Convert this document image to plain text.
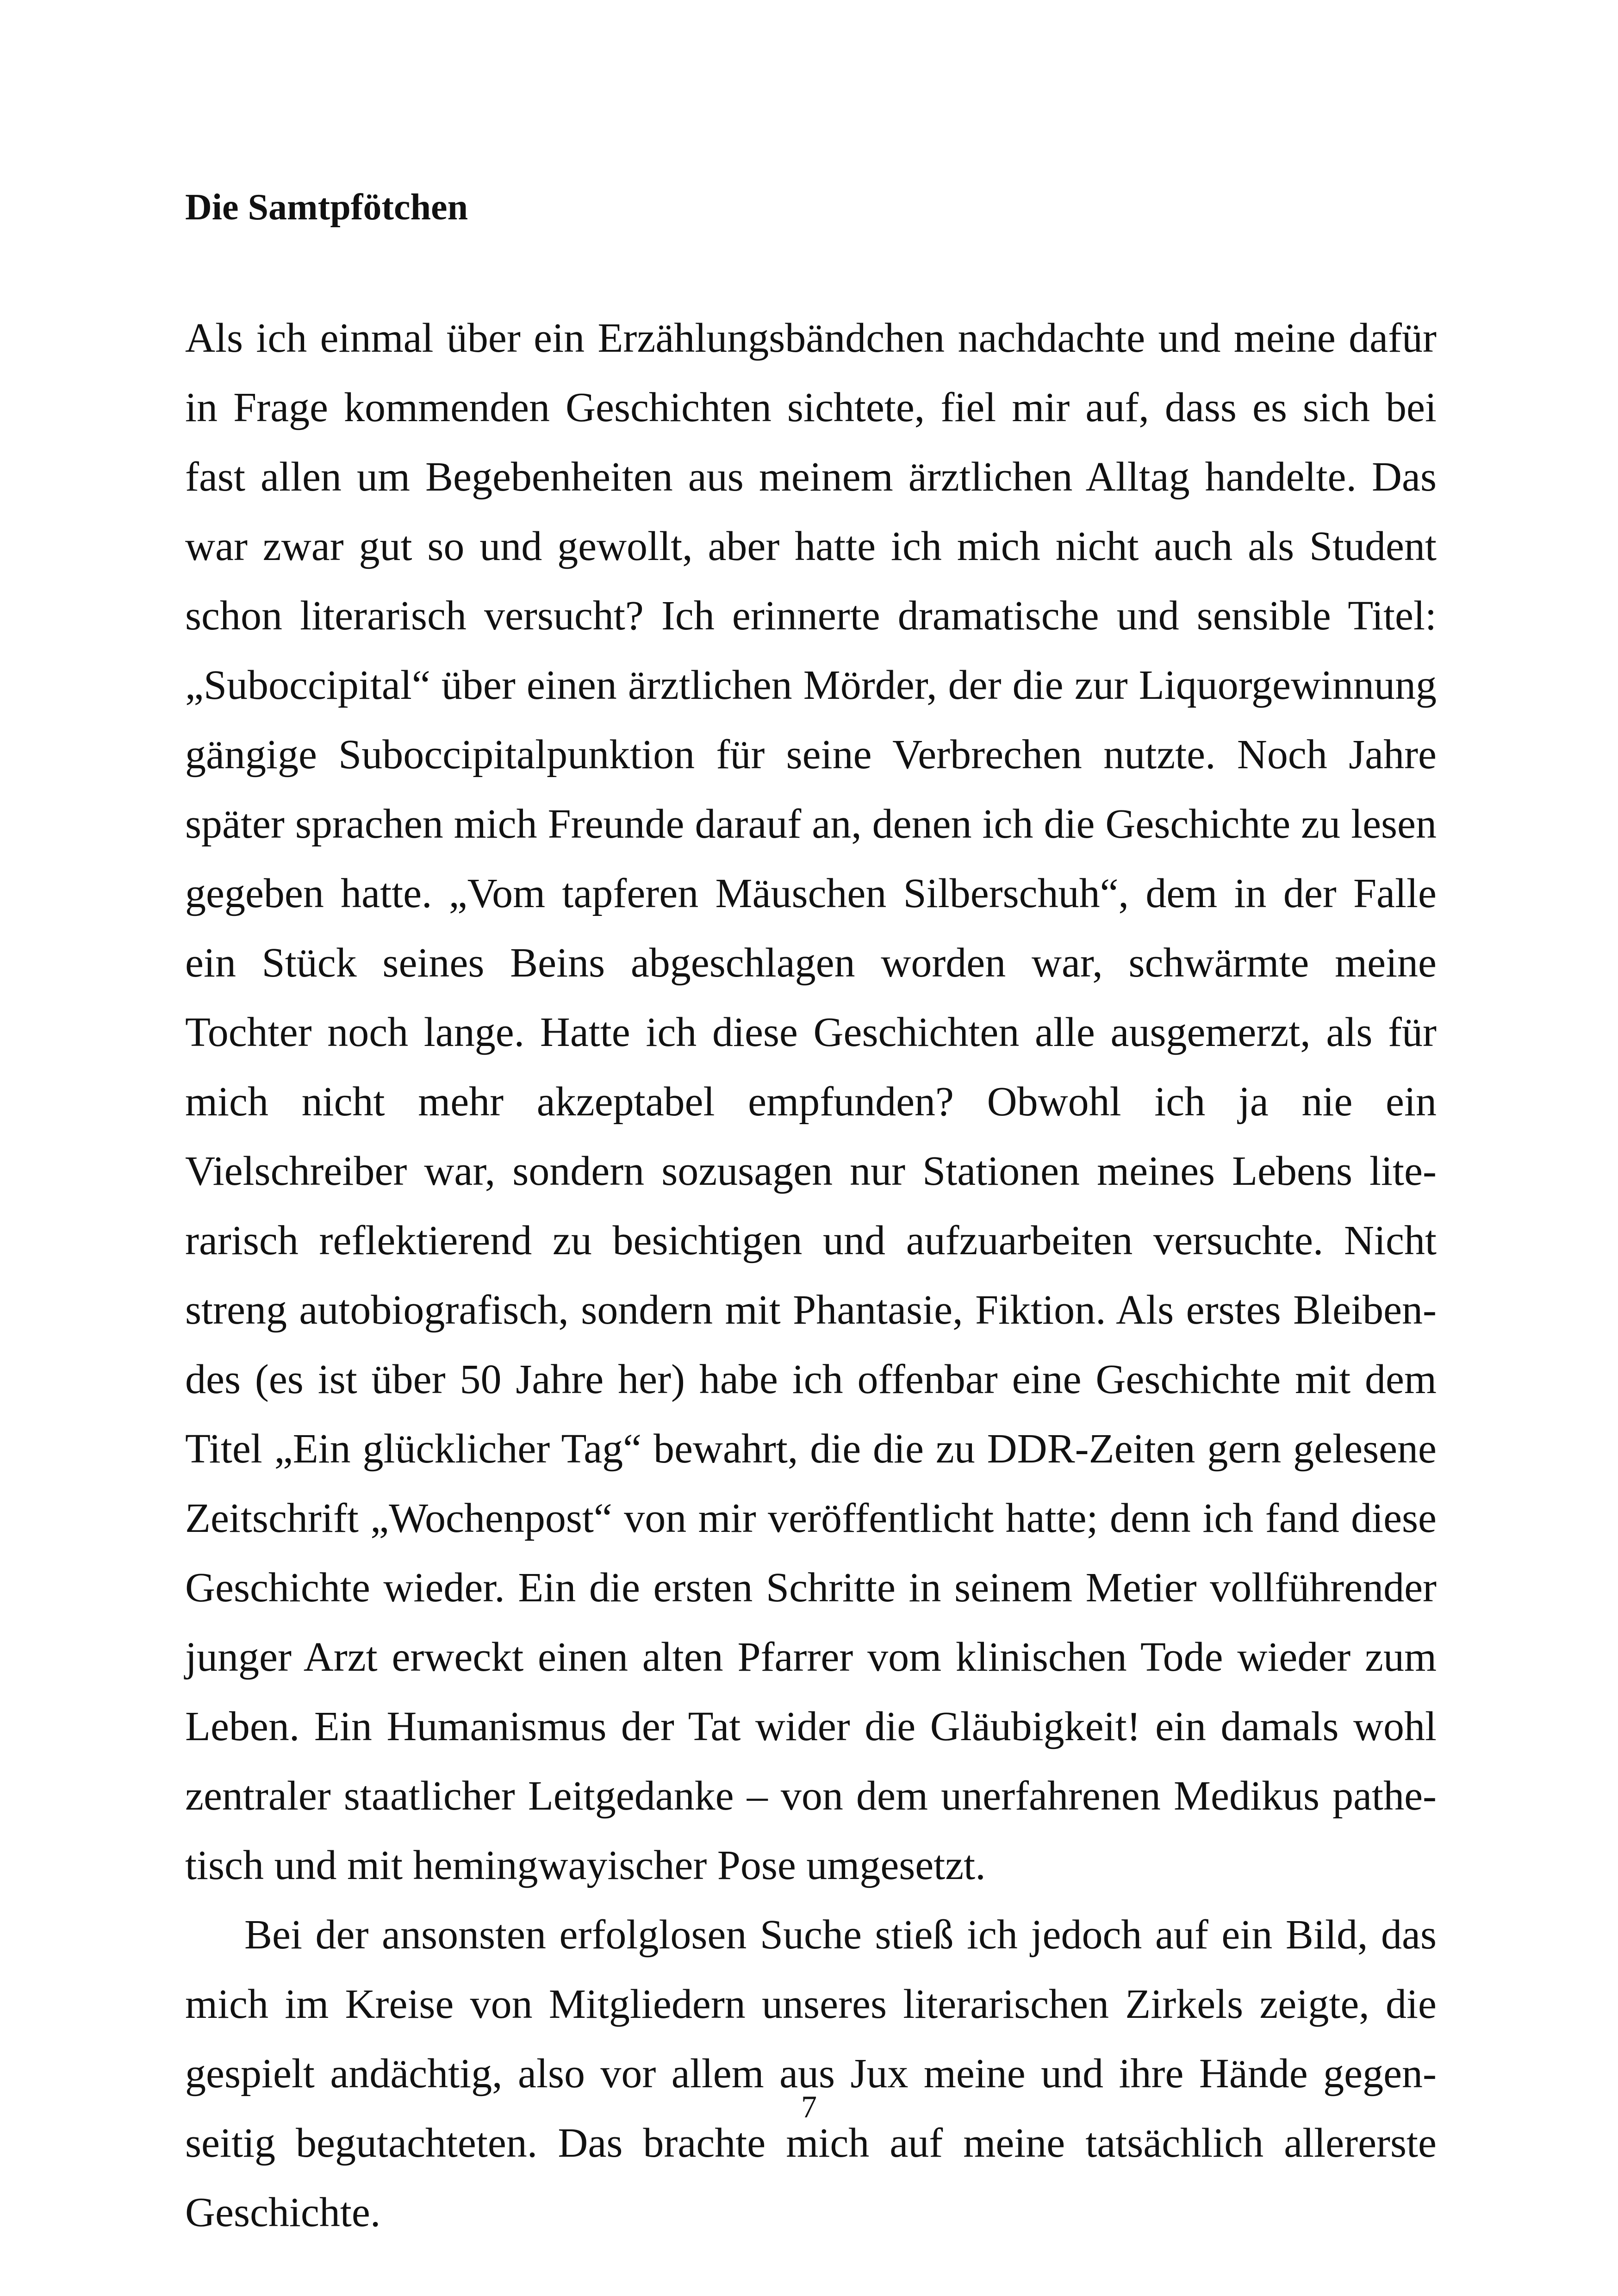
Die Samtpfötchen

Als ich einmal über ein Erzählungsbändchen nachdachte und meine dafür in Frage kommenden Geschichten sichtete, fiel mir auf, dass es sich bei fast allen um Begebenheiten aus meinem ärztlichen Alltag handelte. Das war zwar gut so und gewollt, aber hatte ich mich nicht auch als Student schon literarisch versucht? Ich erinnerte dramatische und sensible Titel: „Suboccipital“ über einen ärztlichen Mörder, der die zur Liquorgewinnung gängige Suboccipitalpunktion für seine Verbrechen nutzte. Noch Jahre später sprachen mich Freunde darauf an, denen ich die Geschichte zu lesen gegeben hatte. „Vom tapferen Mäuschen Silberschuh“, dem in der Falle ein Stück seines Beins abgeschlagen worden war, schwärmte meine Tochter noch lange. Hatte ich diese Geschichten alle ausgemerzt, als für mich nicht mehr akzeptabel empfunden? Obwohl ich ja nie ein Vielschreiber war, sondern sozusagen nur Stationen meines Lebens literarisch reflektierend zu besichtigen und aufzuarbeiten versuchte. Nicht streng autobiografisch, sondern mit Phantasie, Fiktion. Als erstes Bleibendes (es ist über 50 Jahre her) habe ich offenbar eine Geschichte mit dem Titel „Ein glücklicher Tag“ bewahrt, die die zu DDR-Zeiten gern gelesene Zeitschrift „Wochenpost“ von mir veröffentlicht hatte; denn ich fand diese Geschichte wieder. Ein die ersten Schritte in seinem Metier vollführender junger Arzt erweckt einen alten Pfarrer vom klinischen Tode wieder zum Leben. Ein Humanismus der Tat wider die Gläubigkeit! ein damals wohl zentraler staatlicher Leitgedanke – von dem unerfahrenen Medikus pathetisch und mit hemingwayischer Pose umgesetzt.

Bei der ansonsten erfolglosen Suche stieß ich jedoch auf ein Bild, das mich im Kreise von Mitgliedern unseres literarischen Zirkels zeigte, die gespielt andächtig, also vor allem aus Jux meine und ihre Hände gegenseitig begutachteten. Das brachte mich auf meine tatsächlich allererste Geschichte.

7
